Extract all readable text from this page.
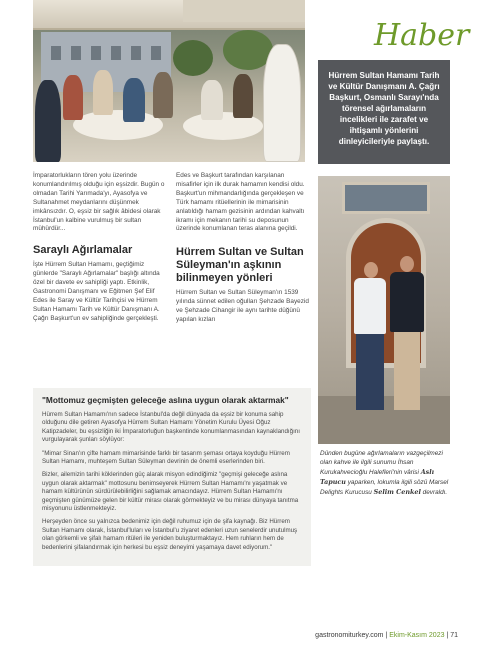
Haber
Hürrem Sultan Hamamı Tarih ve Kültür Danışmanı A. Çağrı Başkurt, Osmanlı Sarayı'nda törensel ağırlamaların incelikleri ile zarafet ve ihtişamlı yönlerini dinleyicileriyle paylaştı.

İmparatorlukların tören yolu üzerinde konumlandırılmış olduğu için eşsizdir. Bugün o olmadan Tarihi Yarımada'yı, Ayasofya ve Sultanahmet meydanlarını düşünmek imkânsızdır. O, eşsiz bir sağlık âbidesi olarak İstanbul'un kalbine vurulmuş bir sultan mühürdür...

Saraylı Ağırlamalar

İşte Hürrem Sultan Hamamı, geçtiğimiz günlerde "Saraylı Ağırlamalar" başlığı altında özel bir davete ev sahipliği yaptı. Etkinlik, Gastronomi Danışmanı ve Eğitmen Şef Elif Edes ile Saray ve Kültür Tarihçisi ve Hürrem Sultan Hamamı Tarih ve Kültür Danışmanı A. Çağrı Başkurt'un ev sahipliğinde gerçekleşti.

Edes ve Başkurt tarafından karşılanan misafirler için ilk durak hamamın kendisi oldu. Başkurt'un mihmandarlığında gerçekleşen ve Türk hamamı ritüellerinin ile mimarisinin anlatıldığı hamam gezisinin ardından kahvaltı ikramı için mekanın tarihi su deposunun üzerinde konumlanan teras alanına geçildi.

Hürrem Sultan ve Sultan Süleyman'ın aşkının bilinmeyen yönleri

Hürrem Sultan ve Sultan Süleyman'ın 1539 yılında sünnet edilen oğulları Şehzade Bayezid ve Şehzade Cihangir ile aynı tarihte düğünü yapılan kızları

Dünden bugüne ağırlamaların vazgeçilmezi olan kahve ile ilgili sunumu İhsan Kurukahvecioğlu Halefleri'nin vârisi Aslı Tapucu yaparken, lokumla ilgili sözü Marsel Delights Kurucusu Selim Cenkel devraldı.
"Mottomuz geçmişten geleceğe aslına uygun olarak aktarmak"

Hürrem Sultan Hamamı'nın sadece İstanbul'da değil dünyada da eşsiz bir konuma sahip olduğunu dile getiren Ayasofya Hürrem Sultan Hamamı Yönetim Kurulu Üyesi Oğuz Katipzadeler, bu eşsizliğin iki İmparatorluğun başkentinde konumlanmasından kaynaklandığını vurgulayarak şunları söylüyor:

"Mimar Sinan'ın çifte hamam mimarisinde farklı bir tasarım şeması ortaya koyduğu Hürrem Sultan Hamamı, muhteşem Sultan Süleyman devrinin de önemli eserlerinden biri.

Bizler, ailemizin tarihi köklerinden güç alarak misyon edindiğimiz "geçmişi geleceğe aslına uygun olarak aktarmak" mottosunu benimseyerek Hürrem Sultan Hamamı'nı yaşatmak ve hamam kültürünün sürdürülebilirliğini sağlamak amacındayız. Hürrem Sultan Hamamı'nı geçmişten günümüze gelen bir kültür mirası olarak görmekteyiz ve bu mirası dünyaya tanıtma misyonunu üstlenmekteyiz.

Herşeyden önce su yalnızca bedenimiz için değil ruhumuz için de şifa kaynağı. Biz Hürrem Sultan Hamamı olarak, İstanbul'luları ve İstanbul'u ziyaret edenleri uzun senelerdir unutulmuş olan görkemli ve şifalı hamam ritüleri ile yeniden buluşturmaktayız. Hem ruhların hem de bedenlerini şifalandırmak için herkesi bu eşsiz deneyimi yaşamaya davet ediyorum."

gastronomiturkey.com | Ekim-Kasım 2023 | 71
